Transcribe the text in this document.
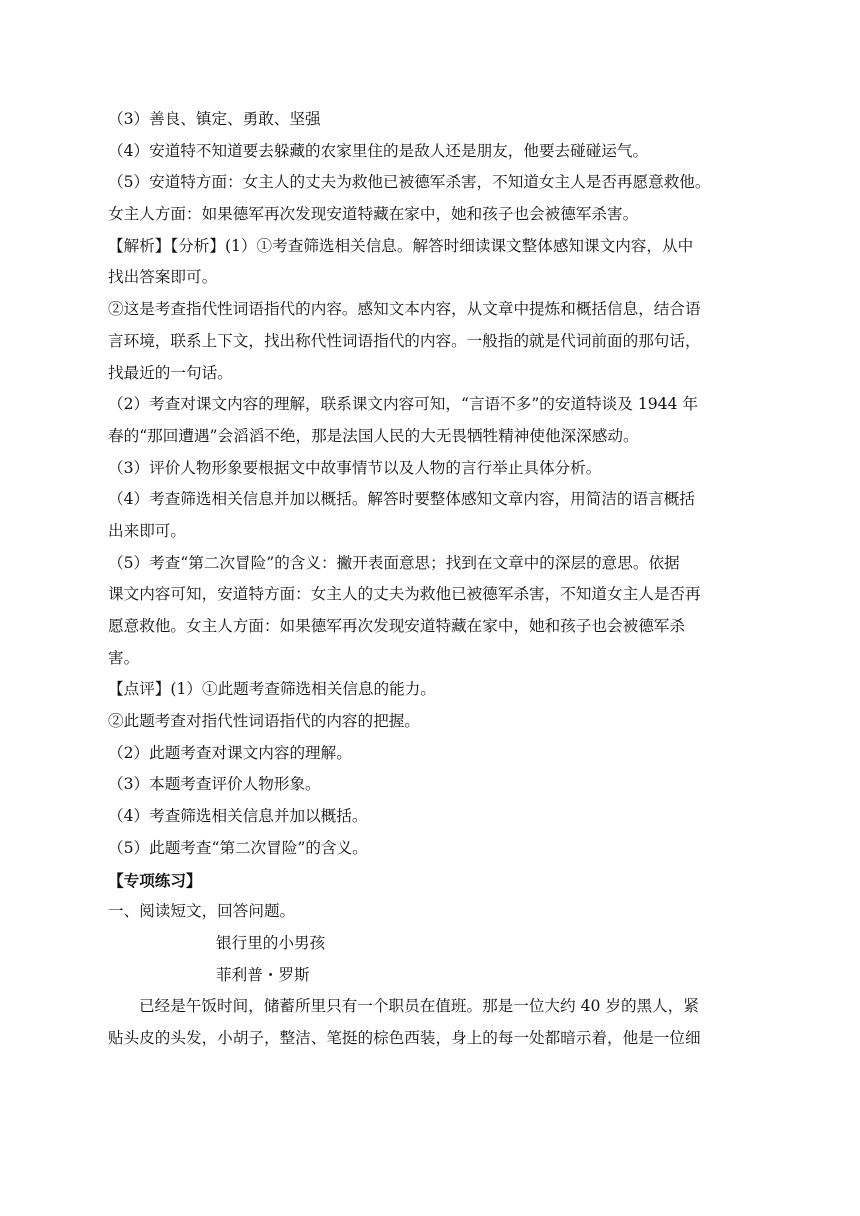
（3）善良、镇定、勇敢、坚强
（4）安道特不知道要去躲藏的农家里住的是敌人还是朋友，他要去碰碰运气。
（5）安道特方面：女主人的丈夫为救他已被德军杀害，不知道女主人是否再愿意救他。
女主人方面：如果德军再次发现安道特藏在家中，她和孩子也会被德军杀害。
【解析】【分析】(1）①考查筛选相关信息。解答时细读课文整体感知课文内容，从中
找出答案即可。
②这是考查指代性词语指代的内容。感知文本内容，从文章中提炼和概括信息，结合语
言环境，联系上下文，找出称代性词语指代的内容。一般指的就是代词前面的那句话，
找最近的一句话。
（2）考查对课文内容的理解，联系课文内容可知，“言语不多”的安道特谈及 1944 年
春的“那回遭遇”会滔滔不绝，那是法国人民的大无畏牺牲精神使他深深感动。
（3）评价人物形象要根据文中故事情节以及人物的言行举止具体分析。
（4）考查筛选相关信息并加以概括。解答时要整体感知文章内容，用简洁的语言概括
出来即可。
（5）考查“第二次冒险”的含义：撇开表面意思；找到在文章中的深层的意思。依据
课文内容可知，安道特方面：女主人的丈夫为救他已被德军杀害，不知道女主人是否再
愿意救他。女主人方面：如果德军再次发现安道特藏在家中，她和孩子也会被德军杀
害。
【点评】(1）①此题考查筛选相关信息的能力。
②此题考查对指代性词语指代的内容的把握。
（2）此题考查对课文内容的理解。
（3）本题考查评价人物形象。
（4）考查筛选相关信息并加以概括。
（5）此题考查“第二次冒险”的含义。
【专项练习】
一、阅读短文，回答问题。
银行里的小男孩
菲利普・罗斯
已经是午饭时间，储蓄所里只有一个职员在值班。那是一位大约 40 岁的黑人，紧
贴头皮的头发，小胡子，整洁、笔挺的棕色西装，身上的每一处都暗示着，他是一位细
